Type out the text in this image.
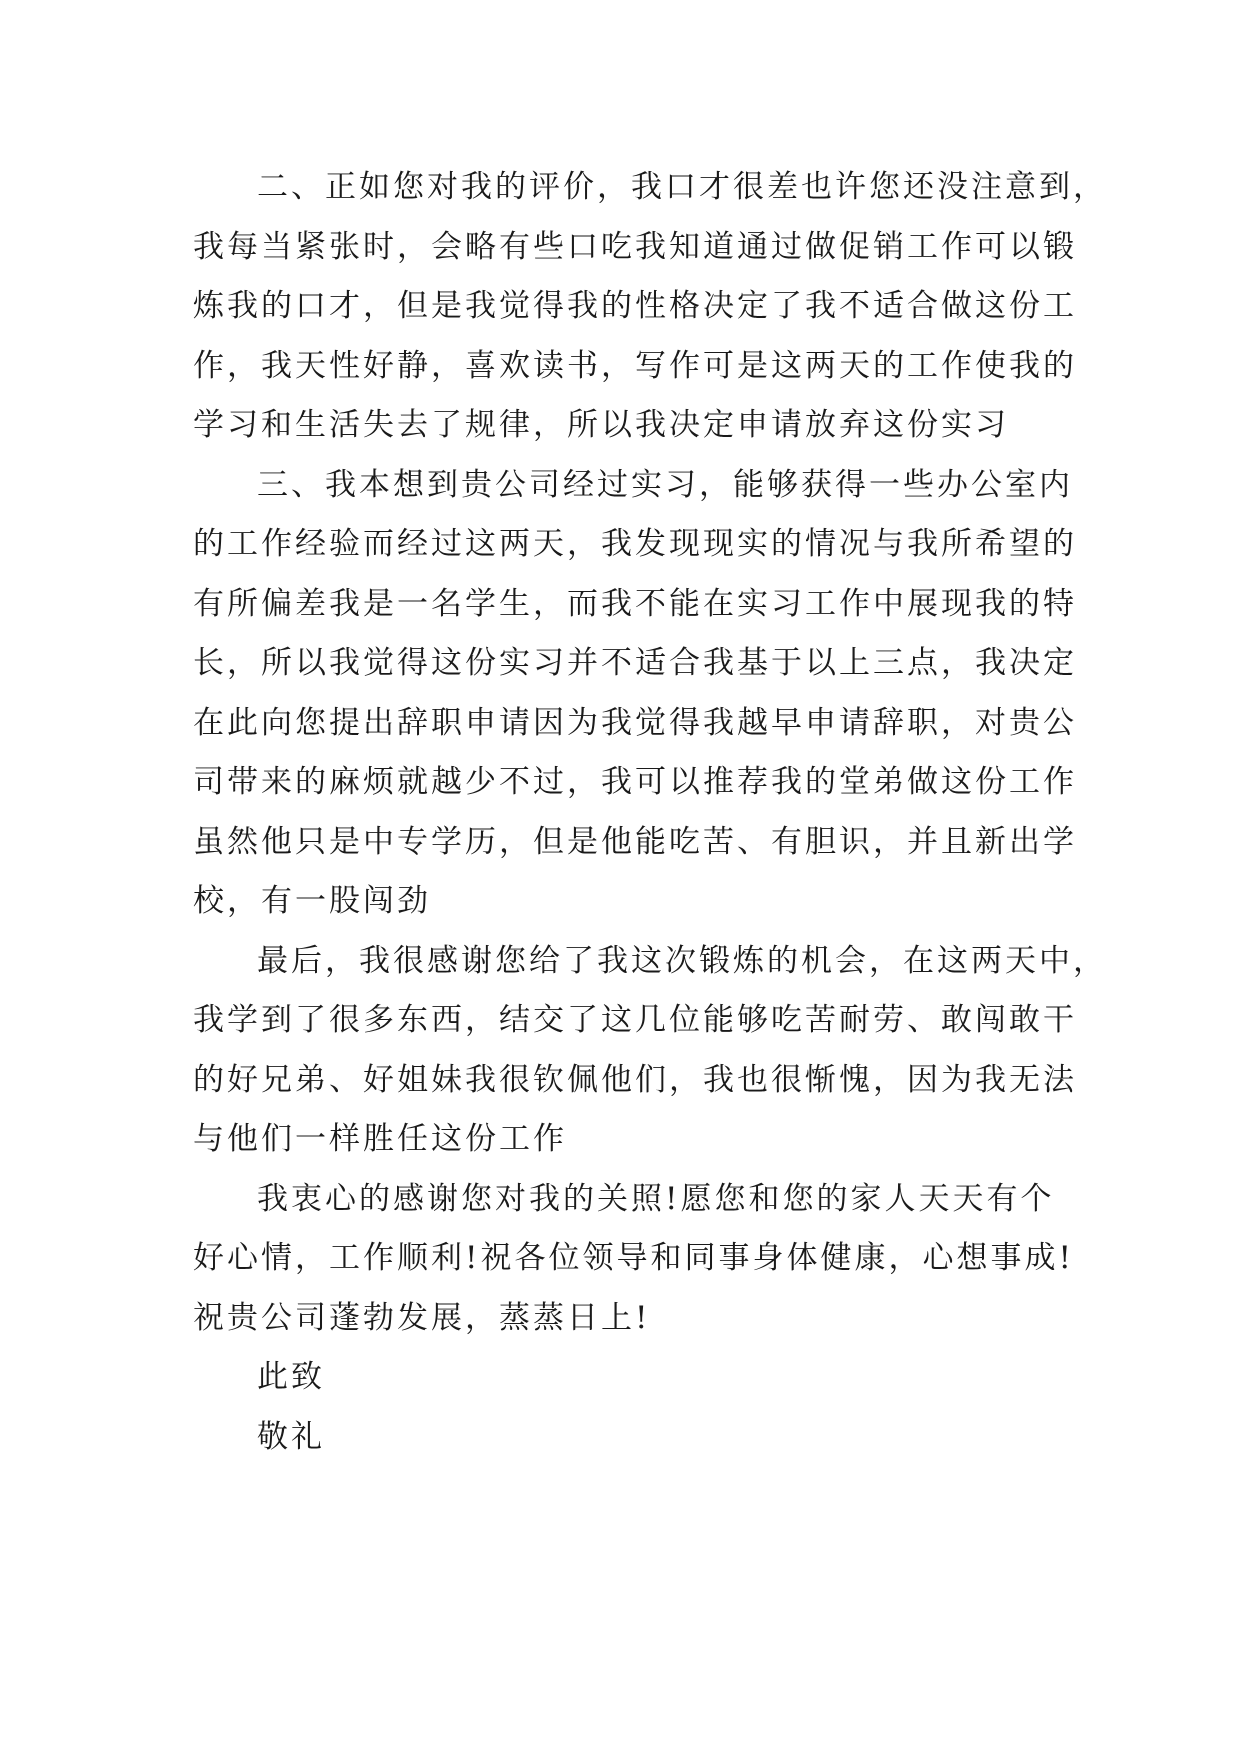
二、正如您对我的评价，我口才很差也许您还没注意到，
我每当紧张时，会略有些口吃我知道通过做促销工作可以锻
炼我的口才，但是我觉得我的性格决定了我不适合做这份工
作，我天性好静，喜欢读书，写作可是这两天的工作使我的
学习和生活失去了规律，所以我决定申请放弃这份实习
三、我本想到贵公司经过实习，能够获得一些办公室内
的工作经验而经过这两天，我发现现实的情况与我所希望的
有所偏差我是一名学生，而我不能在实习工作中展现我的特
长，所以我觉得这份实习并不适合我基于以上三点，我决定
在此向您提出辞职申请因为我觉得我越早申请辞职，对贵公
司带来的麻烦就越少不过，我可以推荐我的堂弟做这份工作
虽然他只是中专学历，但是他能吃苦、有胆识，并且新出学
校，有一股闯劲
最后，我很感谢您给了我这次锻炼的机会，在这两天中，
我学到了很多东西，结交了这几位能够吃苦耐劳、敢闯敢干
的好兄弟、好姐妹我很钦佩他们，我也很惭愧，因为我无法
与他们一样胜任这份工作
我衷心的感谢您对我的关照!愿您和您的家人天天有个
好心情，工作顺利!祝各位领导和同事身体健康，心想事成!
祝贵公司蓬勃发展，蒸蒸日上!
此致
敬礼
